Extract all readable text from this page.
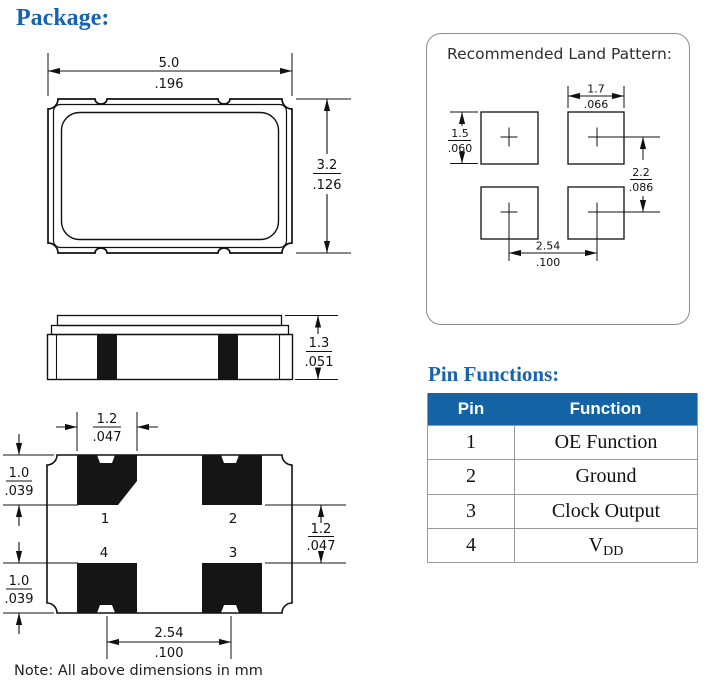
Package:
Recommended Land Pattern:
5.0
.196
3.2
.126
1.3
.051
1	2
4	3
1.2
.047
1.0
.039
1.0
.039
1.2
.047
2.54
.100
1.7
.066
1.5
.060
2.2
.086
2.54
.100
Pin Functions:
Pin	Function
1	OE Function
2	Ground
3	Clock Output
4	$V_{DD}$
Note: All above dimensions in mm
